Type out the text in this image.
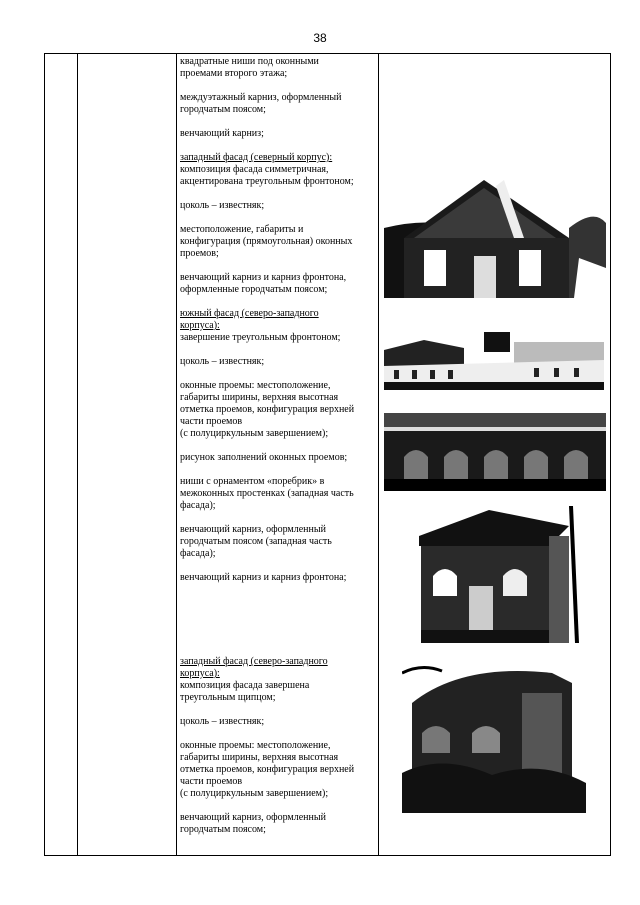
38

квадратные ниши под оконными

проемами второго этажа;

междуэтажный карниз, оформленный

городчатым поясом;

венчающий карниз;

западный фасад (северный корпус):

композиция фасада симметричная,

акцентирована треугольным фронтоном;

цоколь – известняк;

местоположение, габариты и

конфигурация (прямоугольная) оконных

проемов;

венчающий карниз и карниз фронтона,

оформленные городчатым поясом;

южный фасад (северо-западного

корпуса):

завершение треугольным фронтоном;

цоколь – известняк;

оконные проемы: местоположение,

габариты ширины, верхняя высотная

отметка проемов, конфигурация верхней

части проемов

(с полуциркульным завершением);

рисунок заполнений оконных проемов;

ниши с орнаментом «поребрик» в

межоконных простенках (западная часть

фасада);

венчающий карниз, оформленный

городчатым поясом (западная часть

фасада);

венчающий карниз и карниз фронтона;

западный фасад (северо-западного

корпуса):

композиция фасада завершена

треугольным щипцом;

цоколь – известняк;

оконные проемы: местоположение,

габариты ширины, верхняя высотная

отметка проемов, конфигурация верхней

части проемов

(с полуциркульным завершением);

венчающий карниз, оформленный

городчатым поясом;
